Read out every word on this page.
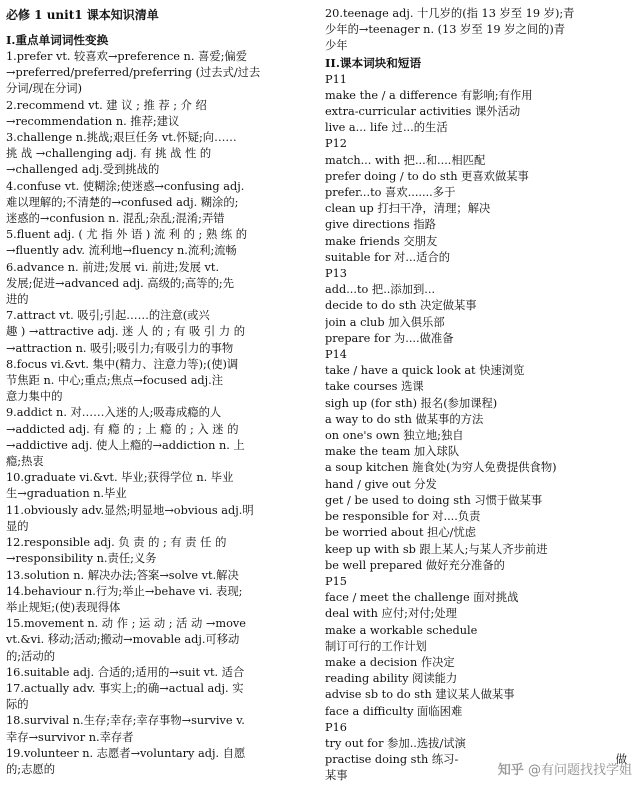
必修 1 unit1 课本知识清单
I.重点单词词性变换
1.prefer vt. 较喜欢→preference n. 喜爱;偏爱
→preferred/preferred/preferring (过去式/过去
分词/现在分词)
2.recommend vt. 建 议 ; 推 荐 ; 介 绍
→recommendation n. 推荐;建议
3.challenge n.挑战;艰巨任务 vt.怀疑;向……
挑 战 →challenging adj. 有 挑 战 性 的
→challenged adj.受到挑战的
4.confuse vt. 使糊涂;使迷惑→confusing adj.
难以理解的;不清楚的→confused adj. 糊涂的;
迷惑的→confusion n. 混乱;杂乱;混淆;弄错
5.fluent adj. ( 尤 指 外 语 ) 流 利 的 ; 熟 练 的
→fluently adv. 流利地→fluency n.流利;流畅
6.advance n. 前进;发展 vi. 前进;发展 vt.
发展;促进→advanced adj. 高级的;高等的;先
进的
7.attract vt. 吸引;引起……的注意(或兴
趣 ) →attractive adj. 迷 人 的 ; 有 吸 引 力 的
→attraction n. 吸引;吸引力;有吸引力的事物
8.focus vi.&vt. 集中(精力、注意力等);(使)调
节焦距 n. 中心;重点;焦点→focused adj.注
意力集中的
9.addict n. 对……入迷的人;吸毒成瘾的人
→addicted adj. 有 瘾 的 ; 上 瘾 的 ; 入 迷 的
→addictive adj. 使人上瘾的→addiction n. 上
瘾;热衷
10.graduate vi.&vt. 毕业;获得学位 n. 毕业
生→graduation n.毕业
11.obviously adv.显然;明显地→obvious adj.明
显的
12.responsible adj. 负 责 的 ; 有 责 任 的
→responsibility n.责任;义务
13.solution n. 解决办法;答案→solve vt.解决
14.behaviour n.行为;举止→behave vi. 表现;
举止规矩;(使)表现得体
15.movement n. 动 作 ; 运 动 ; 活 动 →move
vt.&vi. 移动;活动;搬动→movable adj.可移动
的;活动的
16.suitable adj. 合适的;适用的→suit vt. 适合
17.actually adv. 事实上;的确→actual adj. 实
际的
18.survival n.生存;幸存;幸存事物→survive v.
幸存→survivor n.幸存者
19.volunteer n. 志愿者→voluntary adj. 自愿
的;志愿的
20.teenage adj. 十几岁的(指 13 岁至 19 岁);青
少年的→teenager n. (13 岁至 19 岁之间的)青
少年
II.课本词块和短语
P11
make the / a difference 有影响;有作用
extra-curricular activities 课外活动
live a... life 过...的生活
P12
match... with 把...和....相匹配
prefer doing / to do sth 更喜欢做某事
prefer...to 喜欢.......多于
clean up 打扫干净，清理；解决
give directions 指路
make friends 交朋友
suitable for 对...适合的
P13
add...to 把..添加到...
decide to do sth 决定做某事
join a club 加入俱乐部
prepare for 为....做准备
P14
take / have a quick look at 快速浏览
take courses 选课
sigh up (for sth) 报名(参加课程)
a way to do sth 做某事的方法
on one's own 独立地;独自
make the team 加入球队
a soup kitchen 施食处(为穷人免费提供食物)
hand / give out 分发
get / be used to doing sth 习惯于做某事
be responsible for 对....负责
be worried about 担心/忧虑
keep up with sb 跟上某人;与某人齐步前进
be well prepared 做好充分准备的
P15
face / meet the challenge 面对挑战
deal with 应付;对付;处理
make a workable schedule
制订可行的工作计划
make a decision 作决定
reading ability 阅读能力
advise sb to do sth 建议某人做某事
face a difficulty 面临困难
P16
try out for 参加..选拔/试演
practise doing sth 练习-	做
某事	知乎 @有问题找找学姐
